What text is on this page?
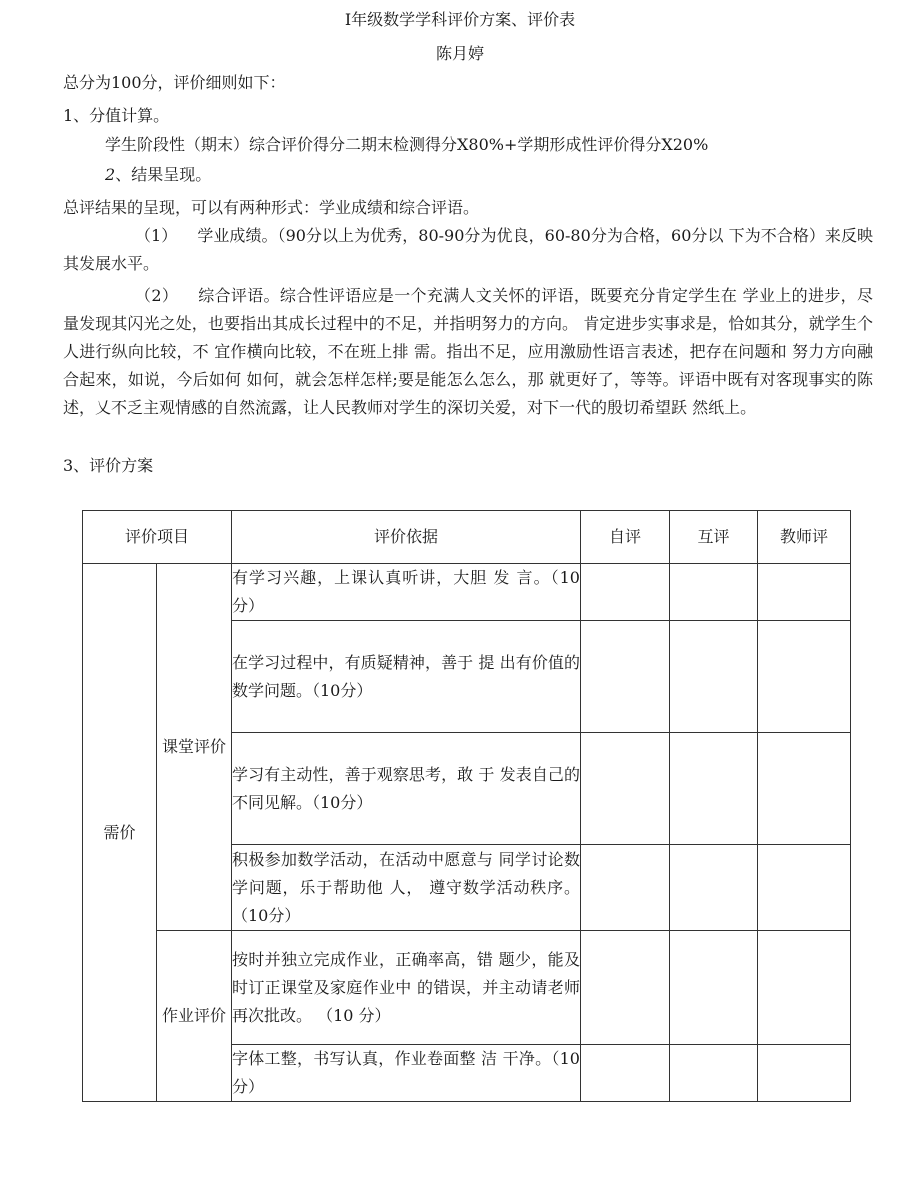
I年级数学学科评价方案、评价表
陈月婷
总分为100分，评价细则如下：
1、分值计算。
学生阶段性（期末）综合评价得分二期末检测得分X80%+学期形成性评价得分X20%
2、结果呈现。
总评结果的呈现，可以有两种形式：学业成绩和综合评语。
（1） 学业成绩。（90分以上为优秀，80-90分为优良，60-80分为合格，60分以 下为不合格）来反映其发展水平。
（2） 综合评语。综合性评语应是一个充满人文关怀的评语，既要充分肯定学生在 学业上的进步，尽量发现其闪光之处，也要指出其成长过程中的不足，并指明努力的方向。 肯定进步实事求是，恰如其分，就学生个人进行纵向比较，不 宜作横向比较，不在班上排 需。指出不足，应用激励性语言表述，把存在问题和 努力方向融合起來，如说，今后如何 如何，就会怎样怎样;要是能怎么怎么，那 就更好了，等等。评语中既有对客现事实的陈 述，乂不乏主观情感的自然流露，让人民教师对学生的深切关爱，对下一代的殷切希望跃 然纸上。
3、评价方案
评价项目		评价依据	自评	互评	教师评
需价	课堂评价	有学习兴趣，上课认真听讲，大胆 发 言。（10分）			
		在学习过程中，有质疑精神，善于 提 出有价值的数学问题。（10分）			
		学习有主动性，善于观察思考，敢 于 发表自己的不同见解。（10分）			
		积极参加数学活动，在活动中愿意与 同学讨论数学问题，乐于帮助他 人， 遵守数学活动秩序。（10分）			
	作业评价	按时并独立完成作业，正确率高，错 题少，能及时订正课堂及家庭作业中 的错误，并主动请老师再次批改。 （10 分）			
		字体工整，书写认真，作业卷面整 洁 干净。（10分）			
